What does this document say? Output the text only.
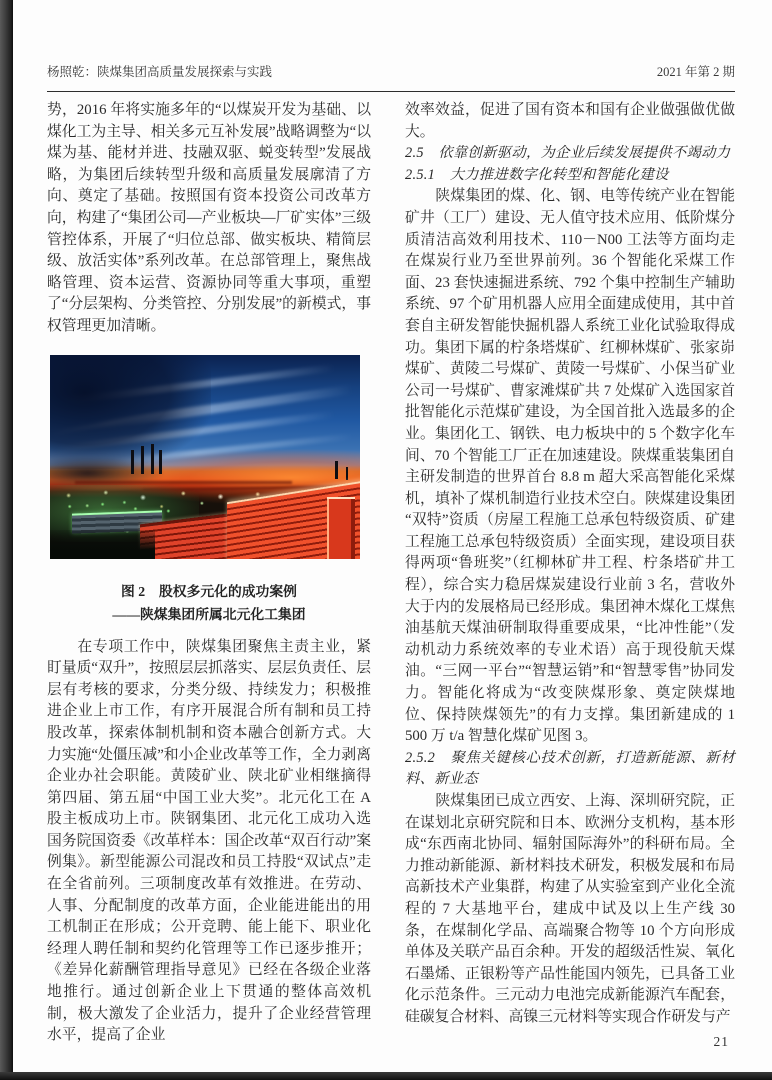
杨照乾：陕煤集团高质量发展探索与实践	2021 年第 2 期

势，2016 年将实施多年的“以煤炭开发为基础、以煤化工为主导、相关多元互补发展”战略调整为“以煤为基、能材并进、技融双驱、蜕变转型”发展战略，为集团后续转型升级和高质量发展廓清了方向、奠定了基础。按照国有资本投资公司改革方向，构建了“集团公司—产业板块—厂矿实体”三级管控体系，开展了“归位总部、做实板块、精简层级、放活实体”系列改革。在总部管理上，聚焦战略管理、资本运营、资源协同等重大事项，重塑了“分层架构、分类管控、分别发展”的新模式，事权管理更加清晰。

图 2　股权多元化的成功案例
——陕煤集团所属北元化工集团

在专项工作中，陕煤集团聚焦主责主业，紧盯量质“双升”，按照层层抓落实、层层负责任、层层有考核的要求，分类分级、持续发力；积极推进企业上市工作，有序开展混合所有制和员工持股改革，探索体制机制和资本融合创新方式。大力实施“处僵压减”和小企业改革等工作，全力剥离企业办社会职能。黄陵矿业、陕北矿业相继摘得第四届、第五届“中国工业大奖”。北元化工在 A 股主板成功上市。陕钢集团、北元化工成功入选国务院国资委《改革样本：国企改革“双百行动”案例集》。新型能源公司混改和员工持股“双试点”走在全省前列。三项制度改革有效推进。在劳动、人事、分配制度的改革方面，企业能进能出的用工机制正在形成；公开竞聘、能上能下、职业化经理人聘任制和契约化管理等工作已逐步推开；《差异化薪酬管理指导意见》已经在各级企业落地推行。通过创新企业上下贯通的整体高效机制，极大激发了企业活力，提升了企业经营管理水平，提高了企业

效率效益，促进了国有资本和国有企业做强做优做大。

2.5　依靠创新驱动，为企业后续发展提供不竭动力
2.5.1　大力推进数字化转型和智能化建设

陕煤集团的煤、化、钢、电等传统产业在智能矿井（工厂）建设、无人值守技术应用、低阶煤分质清洁高效利用技术、110－N00 工法等方面均走在煤炭行业乃至世界前列。36 个智能化采煤工作面、23 套快速掘进系统、792 个集中控制生产辅助系统、97 个矿用机器人应用全面建成使用，其中首套自主研发智能快掘机器人系统工业化试验取得成功。集团下属的柠条塔煤矿、红柳林煤矿、张家峁煤矿、黄陵二号煤矿、黄陵一号煤矿、小保当矿业公司一号煤矿、曹家滩煤矿共 7 处煤矿入选国家首批智能化示范煤矿建设，为全国首批入选最多的企业。集团化工、钢铁、电力板块中的 5 个数字化车间、70 个智能工厂正在加速建设。陕煤重装集团自主研发制造的世界首台 8.8 m 超大采高智能化采煤机，填补了煤机制造行业技术空白。陕煤建设集团“双特”资质（房屋工程施工总承包特级资质、矿建工程施工总承包特级资质）全面实现，建设项目获得两项“鲁班奖”（红柳林矿井工程、柠条塔矿井工程），综合实力稳居煤炭建设行业前 3 名，营收外大于内的发展格局已经形成。集团神木煤化工煤焦油基航天煤油研制取得重要成果，“比冲性能”（发动机动力系统效率的专业术语）高于现役航天煤油。“三网一平台”“智慧运销”和“智慧零售”协同发力。智能化将成为“改变陕煤形象、奠定陕煤地位、保持陕煤领先”的有力支撑。集团新建成的 1 500 万 t/a 智慧化煤矿见图 3。

2.5.2　聚焦关键核心技术创新，打造新能源、新材料、新业态

陕煤集团已成立西安、上海、深圳研究院，正在谋划北京研究院和日本、欧洲分支机构，基本形成“东西南北协同、辐射国际海外”的科研布局。全力推动新能源、新材料技术研发，积极发展和布局高新技术产业集群，构建了从实验室到产业化全流程的 7 大基地平台，建成中试及以上生产线 30 条，在煤制化学品、高端聚合物等 10 个方向形成单体及关联产品百余种。开发的超级活性炭、氧化石墨烯、正银粉等产品性能国内领先，已具备工业化示范条件。三元动力电池完成新能源汽车配套，硅碳复合材料、高镍三元材料等实现合作研发与产

21
